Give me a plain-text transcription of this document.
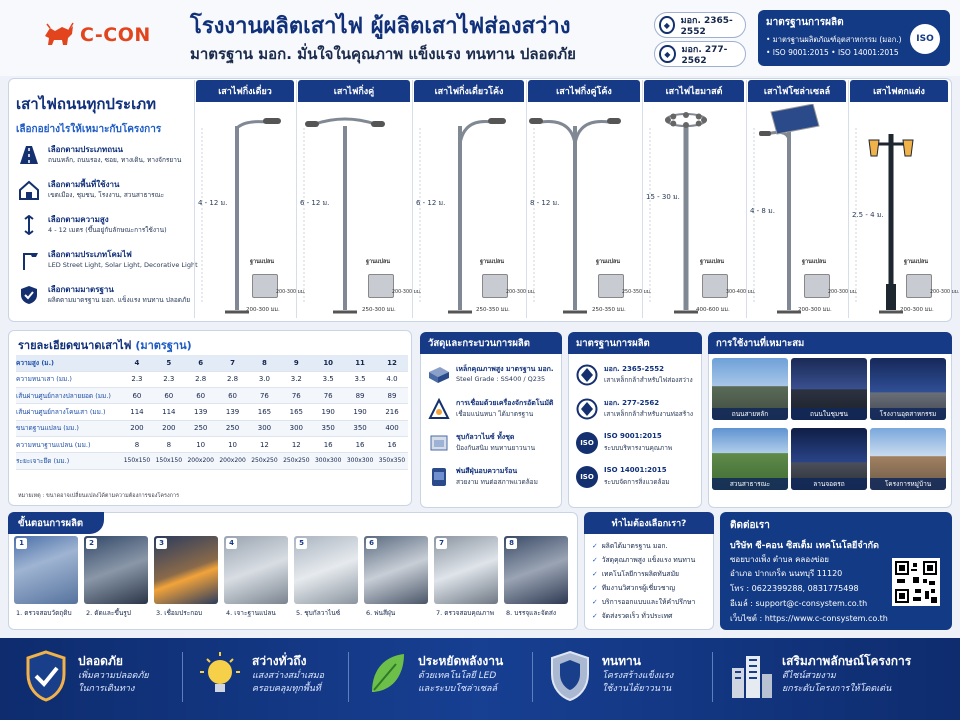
C-CON โรงงานผลิตเสาไฟ ผู้ผลิตเสาไฟส่องสว่าง
มาตรฐาน มอก. มั่นใจในคุณภาพ แข็งแรง ทนทาน ปลอดภัย
◆	มอก. 2365-2552
◆	มอก. 277-2562
มาตรฐานการผลิต
• มาตรฐานผลิตภัณฑ์อุตสาหกรรม (มอก.)
• ISO 9001:2015 • ISO 14001:2015
ISO
เสาไฟถนนทุกประเภท
เลือกอย่างไรให้เหมาะกับโครงการ
เลือกตามประเภทถนน
ถนนหลัก, ถนนรอง, ซอย, ทางเดิน, ทางจักรยาน
เลือกตามพื้นที่ใช้งาน
เขตเมือง, ชุมชน, โรงงาน, สวนสาธารณะ
เลือกตามความสูง
4 - 12 เมตร (ขึ้นอยู่กับลักษณะการใช้งาน)
เลือกตามประเภทโคมไฟ
LED Street Light, Solar Light, Decorative Light
เลือกตามมาตรฐาน
ผลิตตามมาตรฐาน มอก. แข็งแรง ทนทาน ปลอดภัย
เสาไฟกิ่งเดี่ยว
4 - 12 ม.
ฐานแปลน
200-300 มม.
200-300 มม.
เสาไฟกิ่งคู่
6 - 12 ม.
ฐานแปลน
200-300 มม.
250-300 มม.
เสาไฟกิ่งเดี่ยวโค้ง
6 - 12 ม.
ฐานแปลน
200-300 มม.
250-350 มม.
เสาไฟกิ่งคู่โค้ง
8 - 12 ม.
ฐานแปลน
250-350 มม.
250-350 มม.
เสาไฟไฮมาสต์
15 - 30 ม.
ฐานแปลน
300-400 มม.
400-600 มม.
เสาไฟโซล่าเซลล์
4 - 8 ม.
ฐานแปลน
200-300 มม.
200-300 มม.
เสาไฟตกแต่ง
2.5 - 4 ม.
ฐานแปลน
200-300 มม.
200-300 มม.
รายละเอียดขนาดเสาไฟ (มาตรฐาน)
ความสูง (ม.)	4	5	6	7	8	9	10	11	12
ความหนาเสา (มม.)	2.3	2.3	2.8	2.8	3.0	3.2	3.5	3.5	4.0
เส้นผ่านศูนย์กลางปลายยอด (มม.)	60	60	60	60	76	76	76	89	89
เส้นผ่านศูนย์กลางโคนเสา (มม.)	114	114	139	139	165	165	190	190	216
ขนาดฐานแปลน (มม.)	200	200	250	250	300	300	350	350	400
ความหนาฐานแปลน (มม.)	8	8	10	10	12	12	16	16	16
ระยะเจาะยึด (มม.)	150x150	150x150	200x200	200x200	250x250	250x250	300x300	300x300	350x350
หมายเหตุ : ขนาดอาจเปลี่ยนแปลงได้ตามความต้องการของโครงการ
วัสดุและกระบวนการผลิต
เหล็กคุณภาพสูง มาตรฐาน มอก.
Steel Grade : SS400 / Q235
การเชื่อมด้วยเครื่องจักรอัตโนมัติ
เชื่อมแน่นหนา ได้มาตรฐาน
ชุบกัลวาไนซ์ ทั้งชุด
ป้องกันสนิม ทนทานยาวนาน
พ่นสีฝุ่นอบความร้อน
สวยงาม ทนต่อสภาพแวดล้อม
มาตรฐานการผลิต
มอก. 2365-2552
เสาเหล็กกล้าสำหรับไฟส่องสว่าง
มอก. 277-2562
เสาเหล็กกล้าสำหรับงานท่อสร้าง
ISO
ISO 9001:2015
ระบบบริหารงานคุณภาพ
ISO
ISO 14001:2015
ระบบจัดการสิ่งแวดล้อม
การใช้งานที่เหมาะสม
ถนนสายหลัก	ถนนในชุมชน	โรงงานอุตสาหกรรม
สวนสาธารณะ	ลานจอดรถ	โครงการหมู่บ้าน
ขั้นตอนการผลิต
1
1. ตรวจสอบวัตถุดิบ
2
2. ตัดและขึ้นรูป
3
3. เชื่อมประกอบ
4
4. เจาะฐานแปลน
5
5. ชุบกัลวาไนซ์
6
6. พ่นสีฝุ่น
7
7. ตรวจสอบคุณภาพ
8
8. บรรจุและจัดส่ง
ทำไมต้องเลือกเรา?
✓ ผลิตได้มาตรฐาน มอก.
✓ วัสดุคุณภาพสูง แข็งแรง ทนทาน
✓ เทคโนโลยีการผลิตทันสมัย
✓ ทีมงานวิศวกรผู้เชี่ยวชาญ
✓ บริการออกแบบและให้คำปรึกษา
✓ จัดส่งรวดเร็ว ทั่วประเทศ
ติดต่อเรา
บริษัท ซี-คอน ซิสเต็ม เทคโนโลยีจำกัด
ซอยบางเพ็ง ตำบล คลองข่อย
อำเภอ ปากเกร็ด นนทบุรี 11120
โทร : 0622399288, 0831775498
อีเมล์ : support@c-consystem.co.th
เว็บไซต์ : https://www.c-consystem.co.th
ปลอดภัย
เพิ่มความปลอดภัย
ในการเดินทาง
สว่างทั่วถึง
แสงสว่างสม่ำเสมอ
ครอบคลุมทุกพื้นที่
ประหยัดพลังงาน
ด้วยเทคโนโลยี LED
และระบบโซล่าเซลล์
ทนทาน
โครงสร้างแข็งแรง
ใช้งานได้ยาวนาน
เสริมภาพลักษณ์โครงการ
ดีไซน์สวยงาม
ยกระดับโครงการให้โดดเด่น
